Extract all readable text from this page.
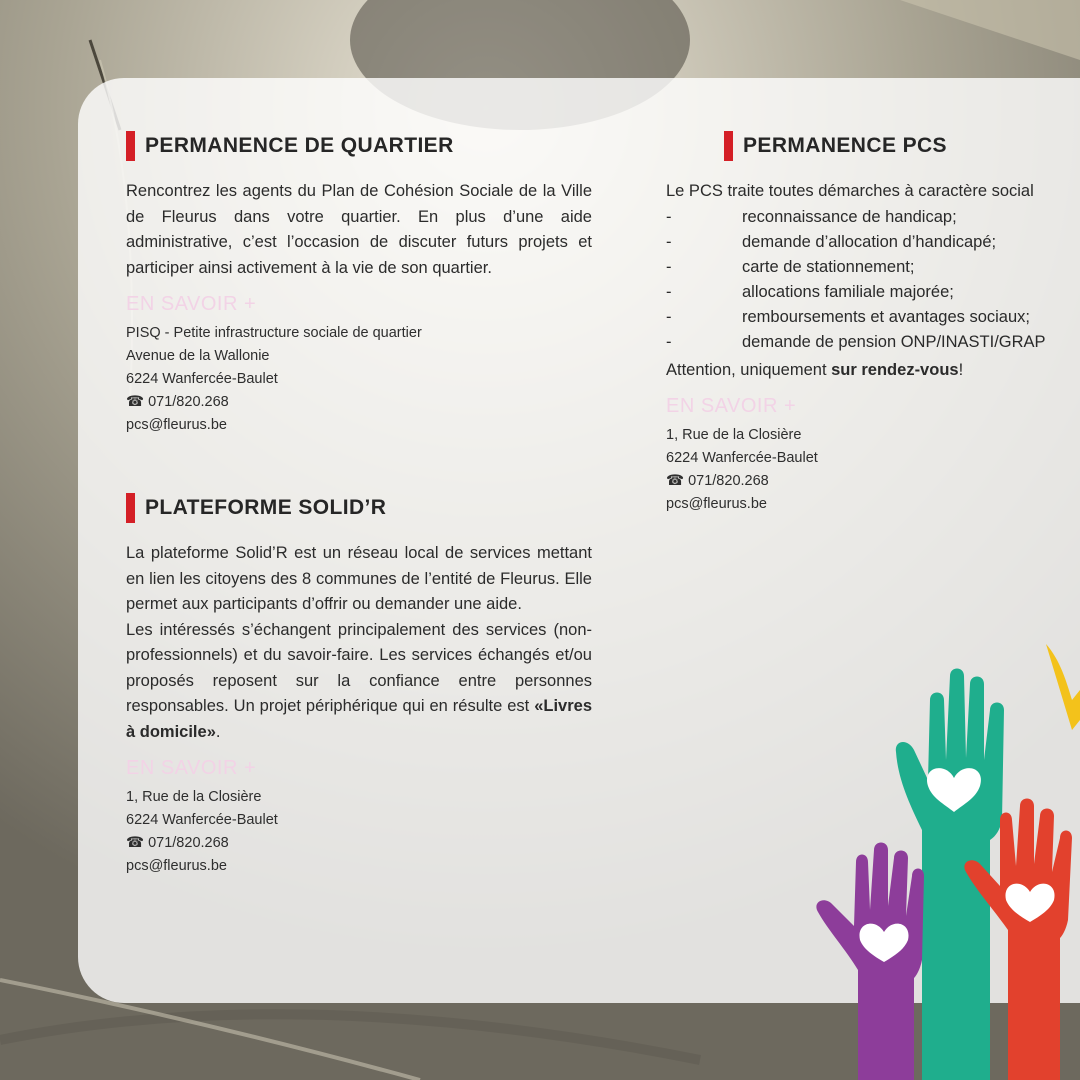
PERMANENCE DE QUARTIER
Rencontrez les agents du Plan de Cohésion Sociale de la Ville de Fleurus dans votre quartier. En plus d’une aide administrative, c’est l’occasion de discuter futurs projets et participer ainsi activement à la vie de son quartier.
EN SAVOIR +
PISQ - Petite infrastructure sociale de quartier
Avenue de la Wallonie
6224 Wanfercée-Baulet
☎ 071/820.268
pcs@fleurus.be
PLATEFORME SOLID’R
La plateforme Solid’R est un réseau local de services mettant en lien les citoyens des 8 communes de l’entité de Fleurus. Elle permet aux participants d’offrir ou demander une aide.
Les intéressés s’échangent principalement des services (non-professionnels) et du savoir-faire. Les services échangés et/ou proposés reposent sur la confiance entre personnes responsables. Un projet périphérique qui en résulte est «Livres à domicile».
EN SAVOIR +
1, Rue de la Closière
6224 Wanfercée-Baulet
☎ 071/820.268
pcs@fleurus.be
PERMANENCE PCS
Le PCS traite toutes démarches à caractère social
-	reconnaissance de handicap;
-	demande d’allocation d’handicapé;
-	carte de stationnement;
-	allocations familiale majorée;
-	remboursements et avantages sociaux;
-	demande de pension ONP/INASTI/GRAP
Attention, uniquement sur rendez-vous!
EN SAVOIR +
1, Rue de la Closière
6224 Wanfercée-Baulet
☎ 071/820.268
pcs@fleurus.be
